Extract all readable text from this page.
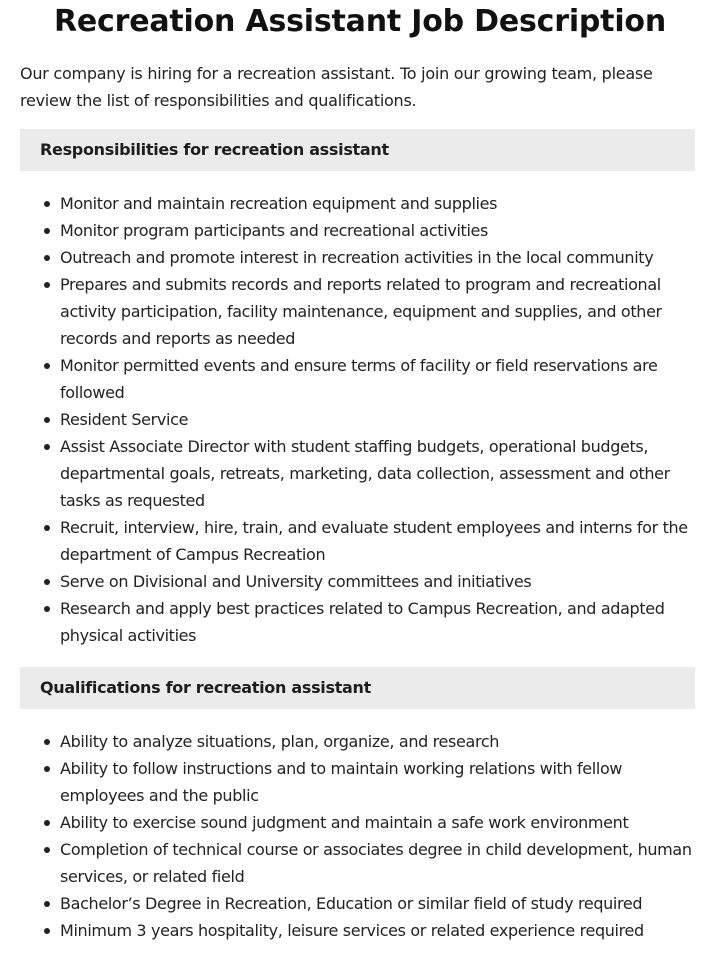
Recreation Assistant Job Description

Our company is hiring for a recreation assistant. To join our growing team, please review the list of responsibilities and qualifications.

Responsibilities for recreation assistant
Monitor and maintain recreation equipment and supplies
Monitor program participants and recreational activities
Outreach and promote interest in recreation activities in the local community
Prepares and submits records and reports related to program and recreational activity participation, facility maintenance, equipment and supplies, and other records and reports as needed
Monitor permitted events and ensure terms of facility or field reservations are followed
Resident Service
Assist Associate Director with student staffing budgets, operational budgets, departmental goals, retreats, marketing, data collection, assessment and other tasks as requested
Recruit, interview, hire, train, and evaluate student employees and interns for the department of Campus Recreation
Serve on Divisional and University committees and initiatives
Research and apply best practices related to Campus Recreation, and adapted physical activities
Qualifications for recreation assistant
Ability to analyze situations, plan, organize, and research
Ability to follow instructions and to maintain working relations with fellow employees and the public
Ability to exercise sound judgment and maintain a safe work environment
Completion of technical course or associates degree in child development, human services, or related field
Bachelor’s Degree in Recreation, Education or similar field of study required
Minimum 3 years hospitality, leisure services or related experience required
